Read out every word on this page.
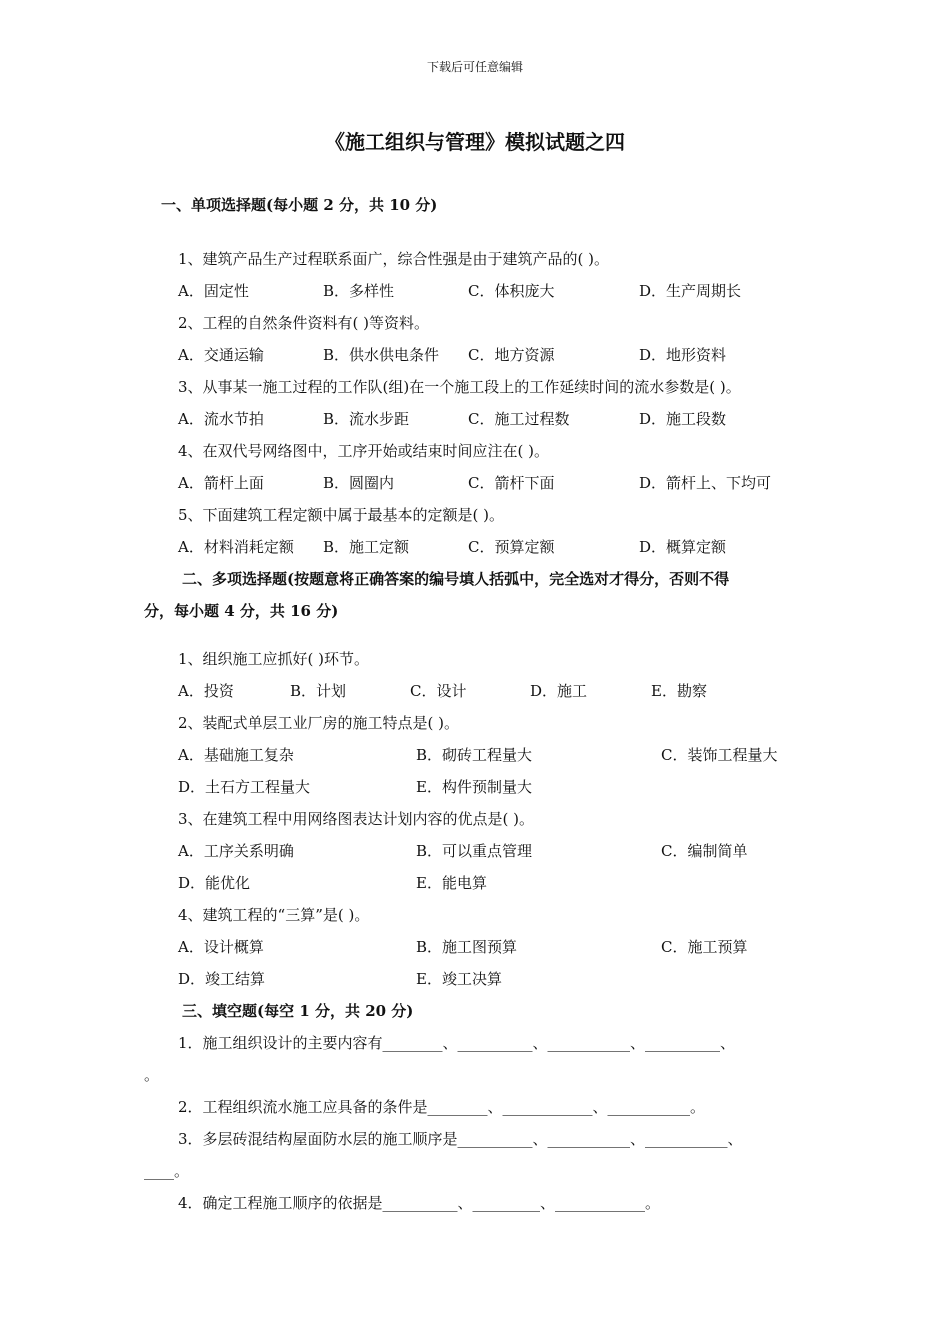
下载后可任意编辑
《施工组织与管理》模拟试题之四
一、单项选择题(每小题 2 分，共 10 分)
1、建筑产品生产过程联系面广，综合性强是由于建筑产品的( )。
A．固定性	B．多样性	C．体积庞大	D．生产周期长
2、工程的自然条件资料有( )等资料。
A．交通运输	B．供水供电条件 C．地方资源	D．地形资料
3、从事某一施工过程的工作队(组)在一个施工段上的工作延续时间的流水参数是( )。
A．流水节拍	B．流水步距	C．施工过程数	D．施工段数
4、在双代号网络图中，工序开始或结束时间应注在( )。
A．箭杆上面	B．圆圈内	C．箭杆下面	D．箭杆上、下均可
5、下面建筑工程定额中属于最基本的定额是( )。
A．材料消耗定额 B．施工定额	C．预算定额	D．概算定额
二、多项选择题(按题意将正确答案的编号填人括弧中，完全选对才得分，否则不得
分，每小题 4 分，共 16 分)
1、组织施工应抓好( )环节。
A．投资	B．计划	C．设计	D．施工	E．勘察
2、装配式单层工业厂房的施工特点是( )。
A．基础施工复杂	B．砌砖工程量大	C．装饰工程量大
D．土石方工程量大	E．构件预制量大
3、在建筑工程中用网络图表达计划内容的优点是( )。
A．工序关系明确	B．可以重点管理	C．编制简单
D．能优化	E．能电算
4、建筑工程的“三算”是( )。
A．设计概算	B．施工图预算	C．施工预算
D．竣工结算	E．竣工决算
三、填空题(每空 1 分，共 20 分)
1．施工组织设计的主要内容有________、__________、___________、__________、
。
2．工程组织流水施工应具备的条件是________、____________、___________。
3．多层砖混结构屋面防水层的施工顺序是__________、___________、___________、
____。
4．确定工程施工顺序的依据是__________、_________、____________。
